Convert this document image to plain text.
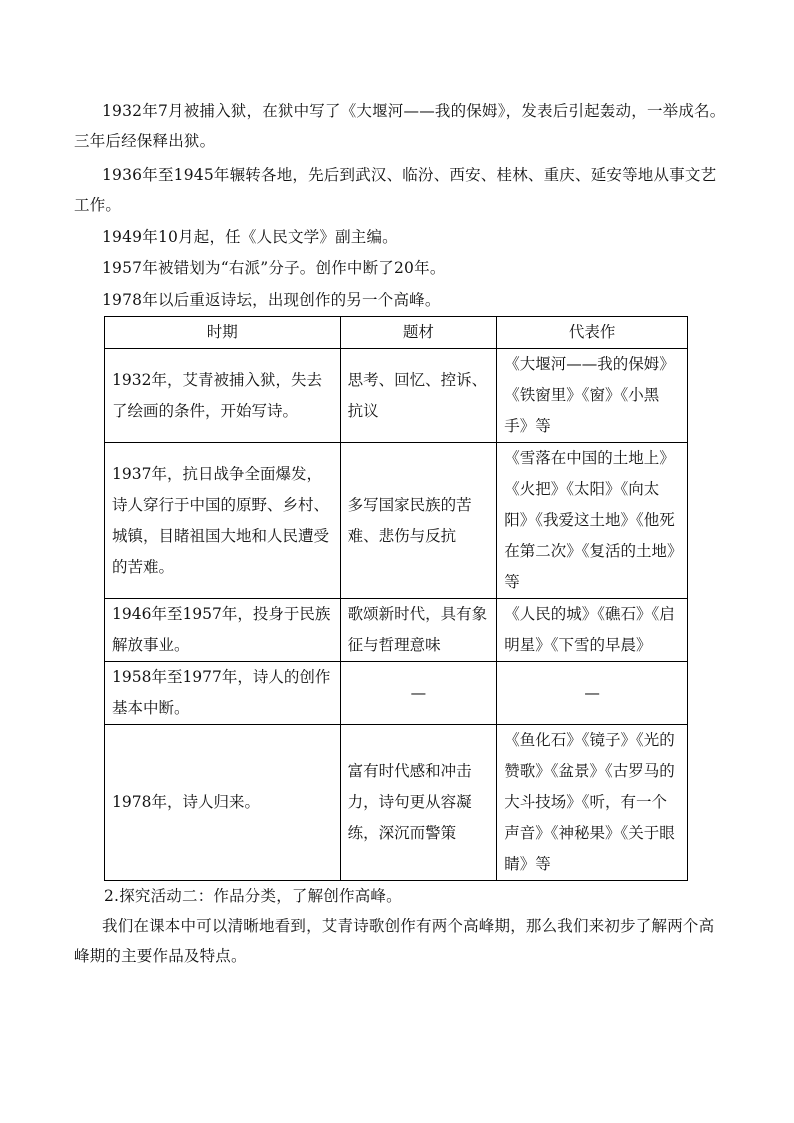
1932年7月被捕入狱，在狱中写了《大堰河——我的保姆》，发表后引起轰动，一举成名。三年后经保释出狱。

1936年至1945年辗转各地，先后到武汉、临汾、西安、桂林、重庆、延安等地从事文艺工作。

1949年10月起，任《人民文学》副主编。

1957年被错划为“右派”分子。创作中断了20年。

1978年以后重返诗坛，出现创作的另一个高峰。

时期	题材	代表作
1932年，艾青被捕入狱，失去了绘画的条件，开始写诗。	思考、回忆、控诉、抗议	《大堰河——我的保姆》《铁窗里》《窗》《小黑手》等
1937年，抗日战争全面爆发，诗人穿行于中国的原野、乡村、城镇，目睹祖国大地和人民遭受的苦难。	多写国家民族的苦难、悲伤与反抗	《雪落在中国的土地上》《火把》《太阳》《向太阳》《我爱这土地》《他死在第二次》《复活的土地》等
1946年至1957年，投身于民族解放事业。	歌颂新时代，具有象征与哲理意味	《人民的城》《礁石》《启明星》《下雪的早晨》
1958年至1977年，诗人的创作基本中断。	—	—
1978年，诗人归来。	富有时代感和冲击力，诗句更从容凝练，深沉而警策	《鱼化石》《镜子》《光的赞歌》《盆景》《古罗马的大斗技场》《听，有一个声音》《神秘果》《关于眼睛》等

2.探究活动二：作品分类，了解创作高峰。

我们在课本中可以清晰地看到，艾青诗歌创作有两个高峰期，那么我们来初步了解两个高峰期的主要作品及特点。
